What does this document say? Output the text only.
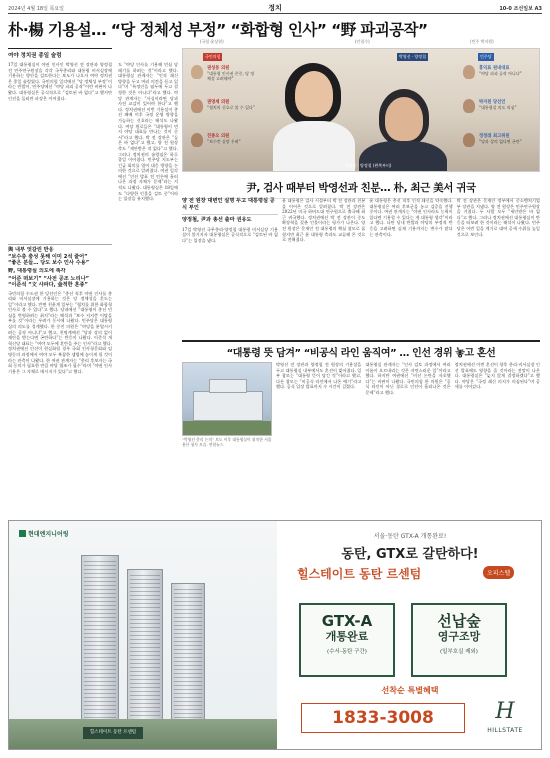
2024년 4월 18일 목요일	정치	10-0 조선일보 A3
朴·楊 기용설… “당 정체성 부정” “화합형 인사” “野 파괴공작”
(국힘 윤상현)	(안철수)	(민주 박지원)
여야 정치권 종일 술렁
17일 대통령실이 야권 인사인 박영선 전 장관과 양정철 전 민주연구원장을 각각 국무총리와 대통령 비서실장에 기용하는 방안을 검토한다는 보도가 나오자 여야 정치권은 종일 술렁였다. 국민의힘 일각에선 “당 정체성 부정”이라는 반발이, 민주당에선 “야당 파괴 공작”이란 비판이 나왔다. 대통령실은 공식적으로 “검토된 바 없다”고 했지만 인선을 둘러싼 파장은 이어졌다.
與 내부 엇갈린 반응
“보수층 충성 못해 이미 2석 줄어”
“좋은 분들… 당도 보수 인사 수용”
野, 대통령실 의도에 촉각
“어준 떠보기” “사전 공조 노리나”
“이준석 “文 사파다, 金적한 혼종”
국민의힘 수도권 한 당선인은 “총선 직후 야권 인사를 총리와 비서실장에 기용하는 것은 당 정체성을 흔드는 일”이라고 했다. 반면 친윤계 일부는 “협치를 위한 화합형 인사로 볼 수 있다”고 했다. 당내에선 “대통령이 총선 민심을 반영하려는 취지”라는 해석과 “보수 지지층 이탈을 부를 것”이라는 우려가 동시에 나왔다. 민주당은 대통령실의 의도를 경계했다. 한 중진 의원은 “야당을 분열시키려는 공작 아니냐”고 했고, 친명계에선 “당과 상의 없이 제안을 받는다면 곤란하다”는 반응이 나왔다. 이준석 개혁신당 대표는 “여야 모두에 혼란을 주는 인사”라고 했다. 정치권에선 인선이 현실화될 경우 국회 인사청문회와 임명동의 과정에서 여야 모두 복잡한 셈법에 놓이게 될 것이라는 관측이 나왔다. 한 여권 관계자는 “총리 후보자는 국회 동의가 필요한 만큼 야당 협조가 필수”라며 “야권 인사 기용은 그 자체로 메시지가 있다”고 했다.
도 “야당 인사를 기용해 민심 달래기를 하려는 것”이라고 했다. 대통령실 관계자는 “인적 쇄신 방향을 두고 여러 의견을 듣고 있다”며 “특정인을 염두에 두고 결정한 것은 아니다”라고 했다. 야당 관계자는 “사실이라면 당과 사전 교감이 있어야 한다”고 했다. 정치권에선 이번 기용설이 총선 패배 이후 국정 운영 방향을 가늠하는 신호라는 해석도 나왔다. 여당 원로들은 “대통령이 먼저 야당 대표를 만나는 것이 순서”라고 했다. 박 전 장관은 “들은 바 없다”고 했고, 양 전 원장 측도 “제안받은 적 없다”고 했다. 그러나 정치권의 술렁임은 하루 종일 이어졌다. 민주당 지도부는 긴급 회의를 열어 대응 방향을 논의한 것으로 알려졌다. 여권 일각에선 “인선 발표 전 언론에 흘러나온 과정 자체가 문제”라는 지적도 나왔다. 대통령실은 18일에도 “다양한 인물을 검토 중”이라는 입장을 유지했다.
국민의힘	박영선 · 양정철	민주당
권성동 의원
“대통령 인사권 존중, 당 정체성 고려해야”
권영세 의원
“협치의 신호로 볼 수 있다”
진종오 의원
“보수층 실망 우려”
홍익표 원내대표
“야당 파괴 공작 아니냐”
박지원 당선인
“대통령실 의도 의심”
정청래 최고위원
“당과 상의 없다면 곤란”
박영선 · 양정철 (왼쪽부터)
尹, 검사 때부터 박영선과 친분… 朴, 최근 美서 귀국
양 전 원장 대변인 실명 두고 대통령실 공식 부인
양정철, 尹과 총선 출마 권유도
17일 박영선 국무총리·양정철 대통령 비서실장 기용설이 불거지자 대통령실은 공식적으로 “검토된 바 없다”는 입장을 냈다.
윤 대통령은 검사 시절부터 박 전 장관과 친분을 이어온 것으로 알려졌다. 박 전 장관은 2022년 미국 하버드대 연구원으로 출국해 최근 귀국했다. 정치권에선 박 전 장관이 중도 확장력을 갖춘 인물이라는 평가가 나온다. 양 전 원장은 문재인 전 대통령의 핵심 참모로 꼽혔지만 최근 윤 대통령 측과도 교류해 온 것으로 전해졌다.
윤 대통령은 총선 직후 인적 쇄신을 약속했다. 대통령실은 여러 후보군을 놓고 검증을 진행 중이다. 여권 관계자는 “야권 인사라도 능력이 있다면 기용할 수 있다는 게 대통령 생각”이라고 했다. 다만 당내 반발과 야당의 부정적 반응을 고려하면 실제 기용까지는 변수가 많다는 관측이다.
박 전 장관은 문재인 정부에서 중소벤처기업부 장관을 지냈다. 양 전 원장은 민주연구원장을 거쳤다. 두 사람 모두 “제안받은 바 없다”고 했다. 그러나 정치권에선 대통령실이 반응을 떠보려 한 것이라는 해석이 나왔다. 민주당은 이번 일을 계기로 대여 공세 수위를 높일 것으로 보인다.
“대통령 뜻 담겨” “비공식 라인 움직여” … 인선 경위 놓고 혼선
“박영선 총리 논의” 보도 이후 대통령실이 위치한 서울 용산 청사 모습. 연합뉴스
박영선 전 장관과 양정철 전 원장의 기용설을 두고 대통령실 내부에서도 혼선이 빚어졌다. 일부 참모는 “대통령 뜻이 담긴 것”이라고 했고, 다른 참모는 “비공식 라인에서 나온 얘기”라고 했다. 공식 입장 발표까지 수 시간이 걸렸다.
대통령실 관계자는 “인사 검토 과정에서 여러 이름이 오르내리는 것은 자연스러운 일”이라고 했다. 하지만 여권에선 “비선 논란을 자초했다”는 비판이 나왔다. 국민의힘 한 의원은 “공식 라인이 아닌 경로로 인선이 흘러나온 것은 문제”라고 했다.
정치권에선 이번 혼선이 향후 총리·비서실장 인선 발표에도 영향을 줄 것이라는 전망이 나온다. 대통령실은 “늦지 않게 결정하겠다”고 했다. 야당은 “국정 쇄신 의지가 의심된다”며 공세를 이어갔다.
현대엔지니어링
힐스테이트 동탄 르센텀
서울·동탄 GTX-A 개통완료!
동탄, GTX로 갈탄하다!
힐스테이트 동탄 르센텀	오피스텔
GTX-A
개통완료
(수서-동탄 구간)
선납숲
영구조망
(일부호실 제외)
선착순 특별혜택
1833-3008	H
HILLSTATE
